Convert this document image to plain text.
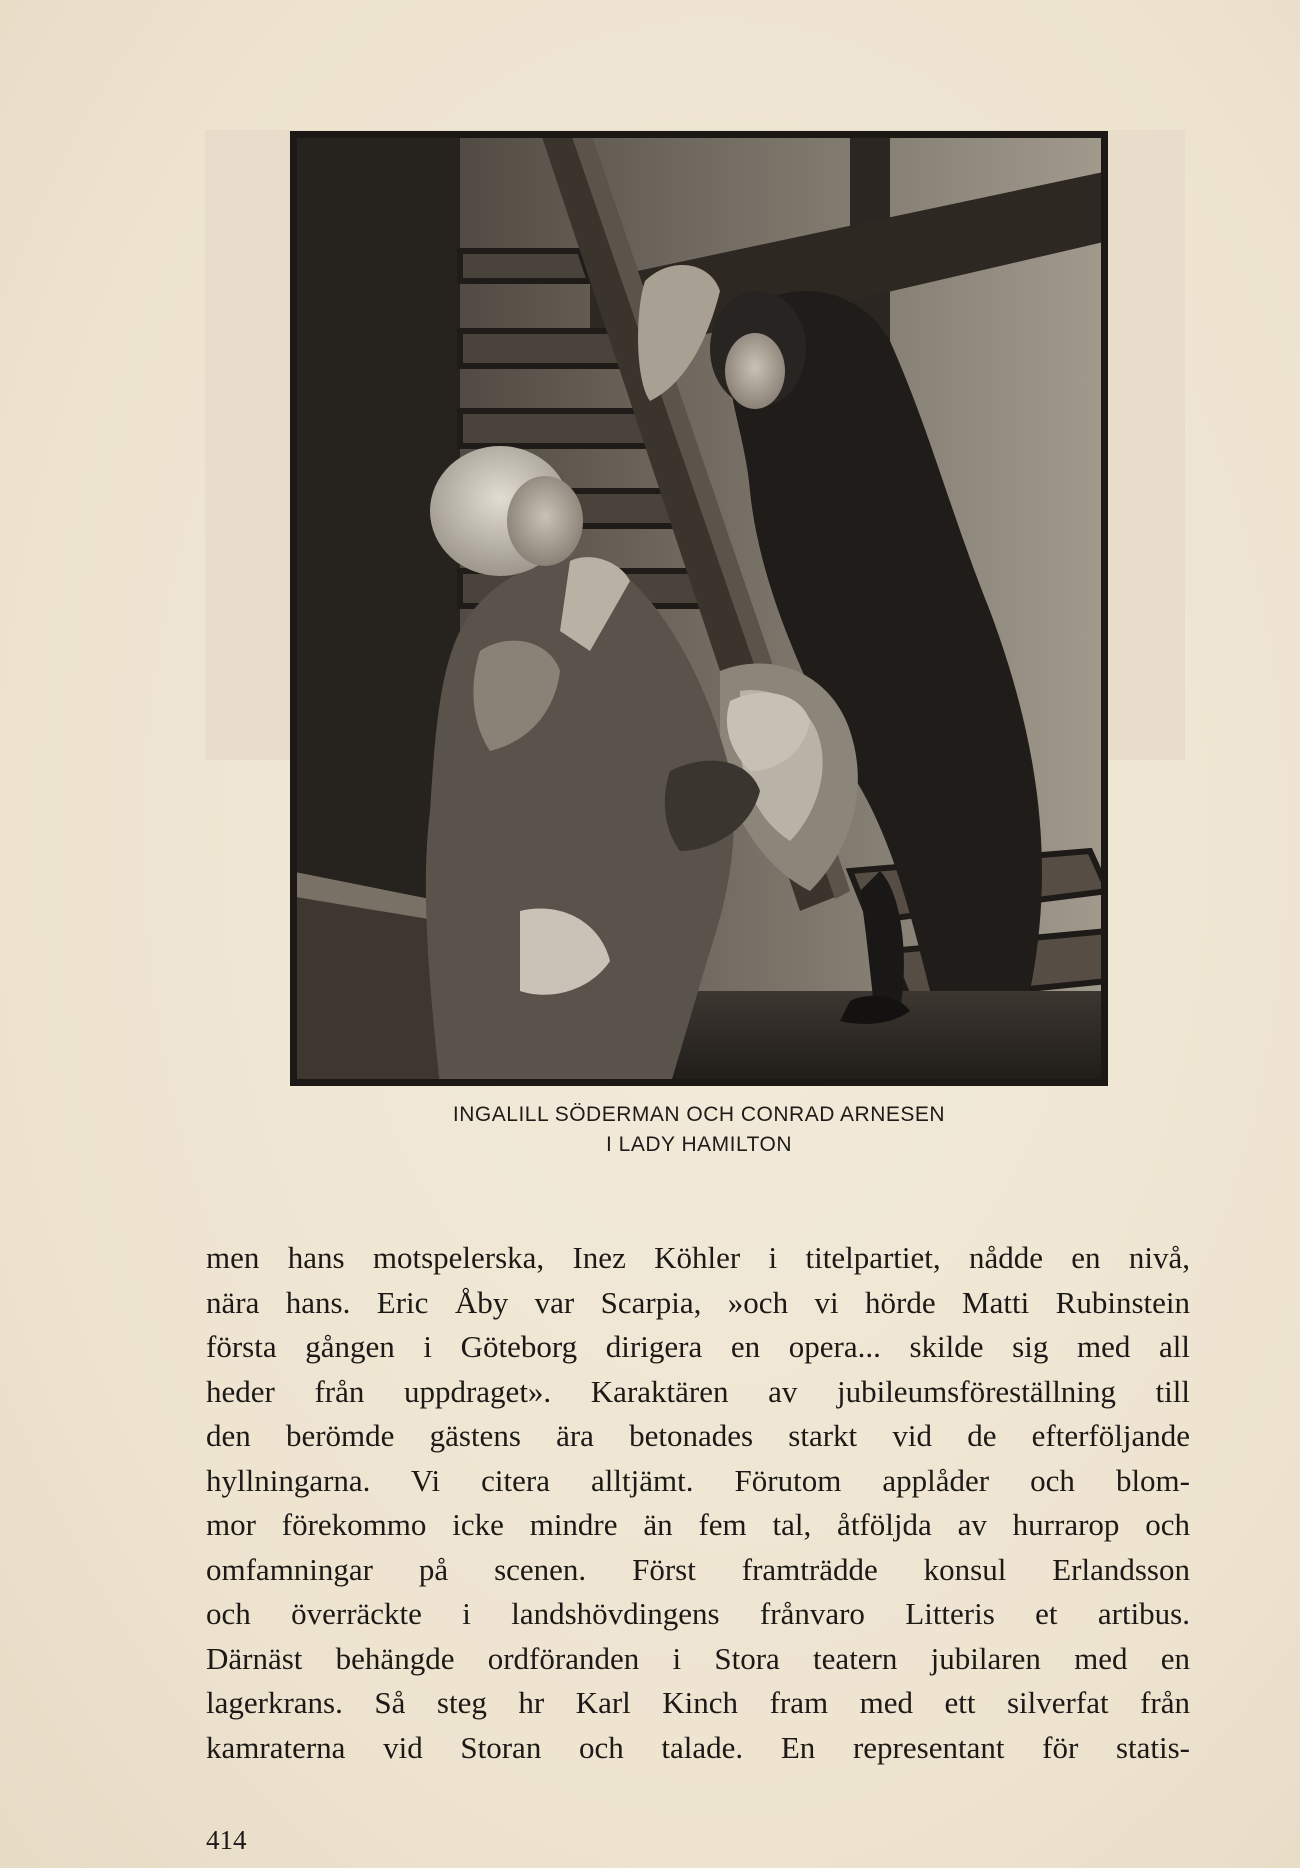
INGALILL SÖDERMAN OCH CONRAD ARNESEN
I LADY HAMILTON
men hans motspelerska, Inez Köhler i titelpartiet, nådde en nivå,
nära hans. Eric Åby var Scarpia, »och vi hörde Matti Rubinstein
första gången i Göteborg dirigera en opera... skilde sig med all
heder från uppdraget». Karaktären av jubileumsföreställning till
den berömde gästens ära betonades starkt vid de efterföljande
hyllningarna. Vi citera alltjämt. Förutom applåder och blom-
mor förekommo icke mindre än fem tal, åtföljda av hurrarop och
omfamningar på scenen. Först framträdde konsul Erlandsson
och överräckte i landshövdingens frånvaro Litteris et artibus.
Därnäst behängde ordföranden i Stora teatern jubilaren med en
lagerkrans. Så steg hr Karl Kinch fram med ett silverfat från
kamraterna vid Storan och talade. En representant för statis-
414
